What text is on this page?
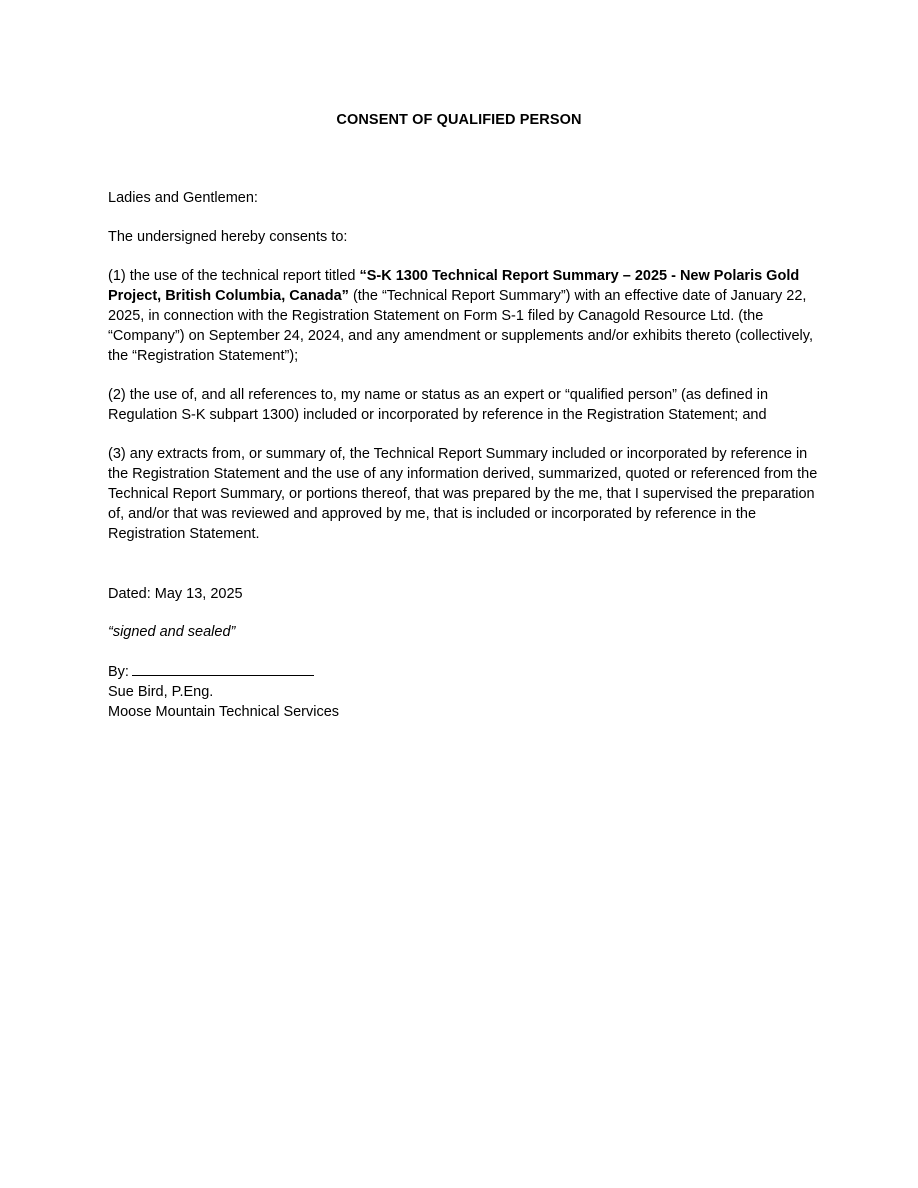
CONSENT OF QUALIFIED PERSON

Ladies and Gentlemen:

The undersigned hereby consents to:

(1) the use of the technical report titled “S-K 1300 Technical Report Summary – 2025 - New Polaris Gold Project, British Columbia, Canada” (the “Technical Report Summary”) with an effective date of January 22, 2025, in connection with the Registration Statement on Form S-1 filed by Canagold Resource Ltd. (the “Company”) on September 24, 2024, and any amendment or supplements and/or exhibits thereto (collectively, the “Registration Statement”);

(2) the use of, and all references to, my name or status as an expert or “qualified person” (as defined in Regulation S-K subpart 1300) included or incorporated by reference in the Registration Statement; and

(3) any extracts from, or summary of, the Technical Report Summary included or incorporated by reference in the Registration Statement and the use of any information derived, summarized, quoted or referenced from the Technical Report Summary, or portions thereof, that was prepared by the me, that I supervised the preparation of, and/or that was reviewed and approved by me, that is included or incorporated by reference in the Registration Statement.

Dated: May 13, 2025

“signed and sealed”

By:

Sue Bird, P.Eng.

Moose Mountain Technical Services
